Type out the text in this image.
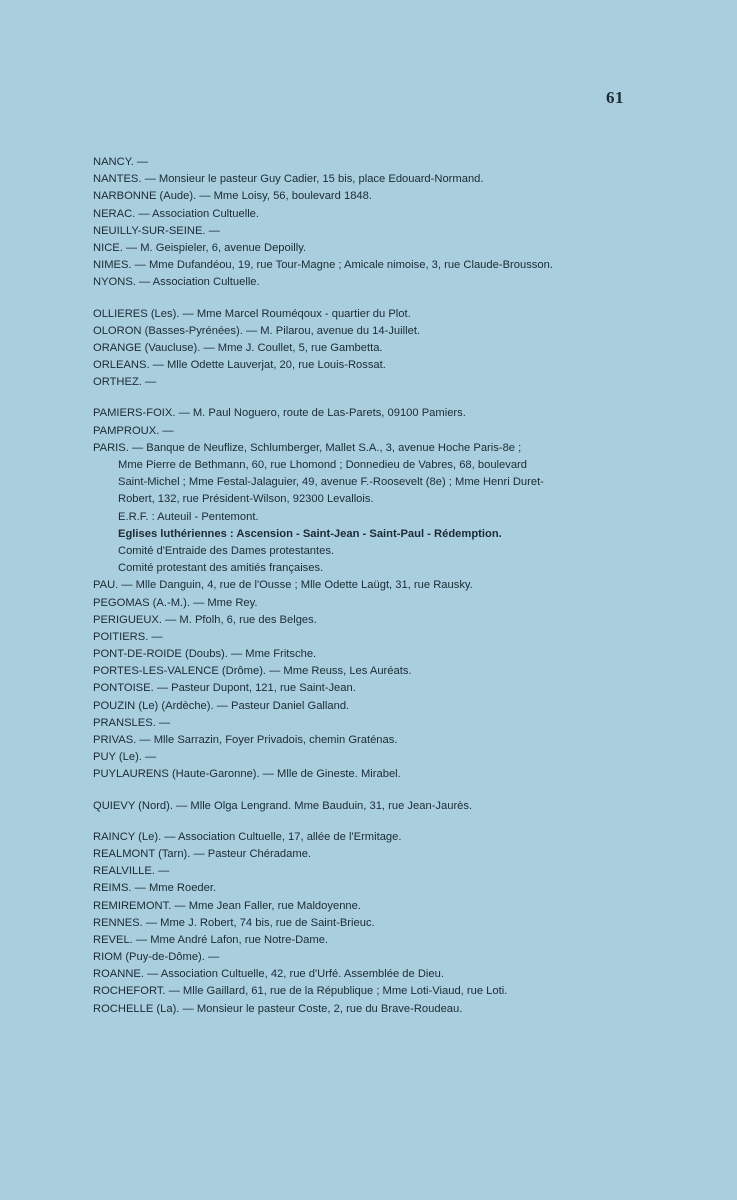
61
NANCY. —
NANTES. — Monsieur le pasteur Guy Cadier, 15 bis, place Edouard-Normand.
NARBONNE (Aude). — Mme Loisy, 56, boulevard 1848.
NERAC. — Association Cultuelle.
NEUILLY-SUR-SEINE. —
NICE. — M. Geispieler, 6, avenue Depoilly.
NIMES. — Mme Dufandéou, 19, rue Tour-Magne ; Amicale nimoise, 3, rue Claude-Brousson.
NYONS. — Association Cultuelle.
OLLIERES (Les). — Mme Marcel Rouméqoux - quartier du Plot.
OLORON (Basses-Pyrénées). — M. Pilarou, avenue du 14-Juillet.
ORANGE (Vaucluse). — Mme J. Coullet, 5, rue Gambetta.
ORLEANS. — Mlle Odette Lauverjat, 20, rue Louis-Rossat.
ORTHEZ. —
PAMIERS-FOIX. — M. Paul Noguero, route de Las-Parets, 09100 Pamiers.
PAMPROUX. —
PARIS. — Banque de Neuflize, Schlumberger, Mallet S.A., 3, avenue Hoche Paris-8e ;
Mme Pierre de Bethmann, 60, rue Lhomond ; Donnedieu de Vabres, 68, boulevard
Saint-Michel ; Mme Festal-Jalaguier, 49, avenue F.-Roosevelt (8e) ; Mme Henri Duret-
Robert, 132, rue Président-Wilson, 92300 Levallois.
E.R.F. : Auteuil - Pentemont.
Eglises luthériennes : Ascension - Saint-Jean - Saint-Paul - Rédemption.
Comité d'Entraide des Dames protestantes.
Comité protestant des amitiés françaises.
PAU. — Mlle Danguin, 4, rue de l'Ousse ; Mlle Odette Laügt, 31, rue Rausky.
PEGOMAS (A.-M.). — Mme Rey.
PERIGUEUX. — M. Pfolh, 6, rue des Belges.
POITIERS. —
PONT-DE-ROIDE (Doubs). — Mme Fritsche.
PORTES-LES-VALENCE (Drôme). — Mme Reuss, Les Auréats.
PONTOISE. — Pasteur Dupont, 121, rue Saint-Jean.
POUZIN (Le) (Ardèche). — Pasteur Daniel Galland.
PRANSLES. —
PRIVAS. — Mlle Sarrazin, Foyer Privadois, chemin Graténas.
PUY (Le). —
PUYLAURENS (Haute-Garonne). — Mlle de Gineste. Mirabel.
QUIEVY (Nord). — Mlle Olga Lengrand. Mme Bauduin, 31, rue Jean-Jaurès.
RAINCY (Le). — Association Cultuelle, 17, allée de l'Ermitage.
REALMONT (Tarn). — Pasteur Chéradame.
REALVILLE. —
REIMS. — Mme Roeder.
REMIREMONT. — Mme Jean Faller, rue Maldoyenne.
RENNES. — Mme J. Robert, 74 bis, rue de Saint-Brieuc.
REVEL. — Mme André Lafon, rue Notre-Dame.
RIOM (Puy-de-Dôme). —
ROANNE. — Association Cultuelle, 42, rue d'Urfé. Assemblée de Dieu.
ROCHEFORT. — Mlle Gaillard, 61, rue de la République ; Mme Loti-Viaud, rue Loti.
ROCHELLE (La). — Monsieur le pasteur Coste, 2, rue du Brave-Roudeau.
